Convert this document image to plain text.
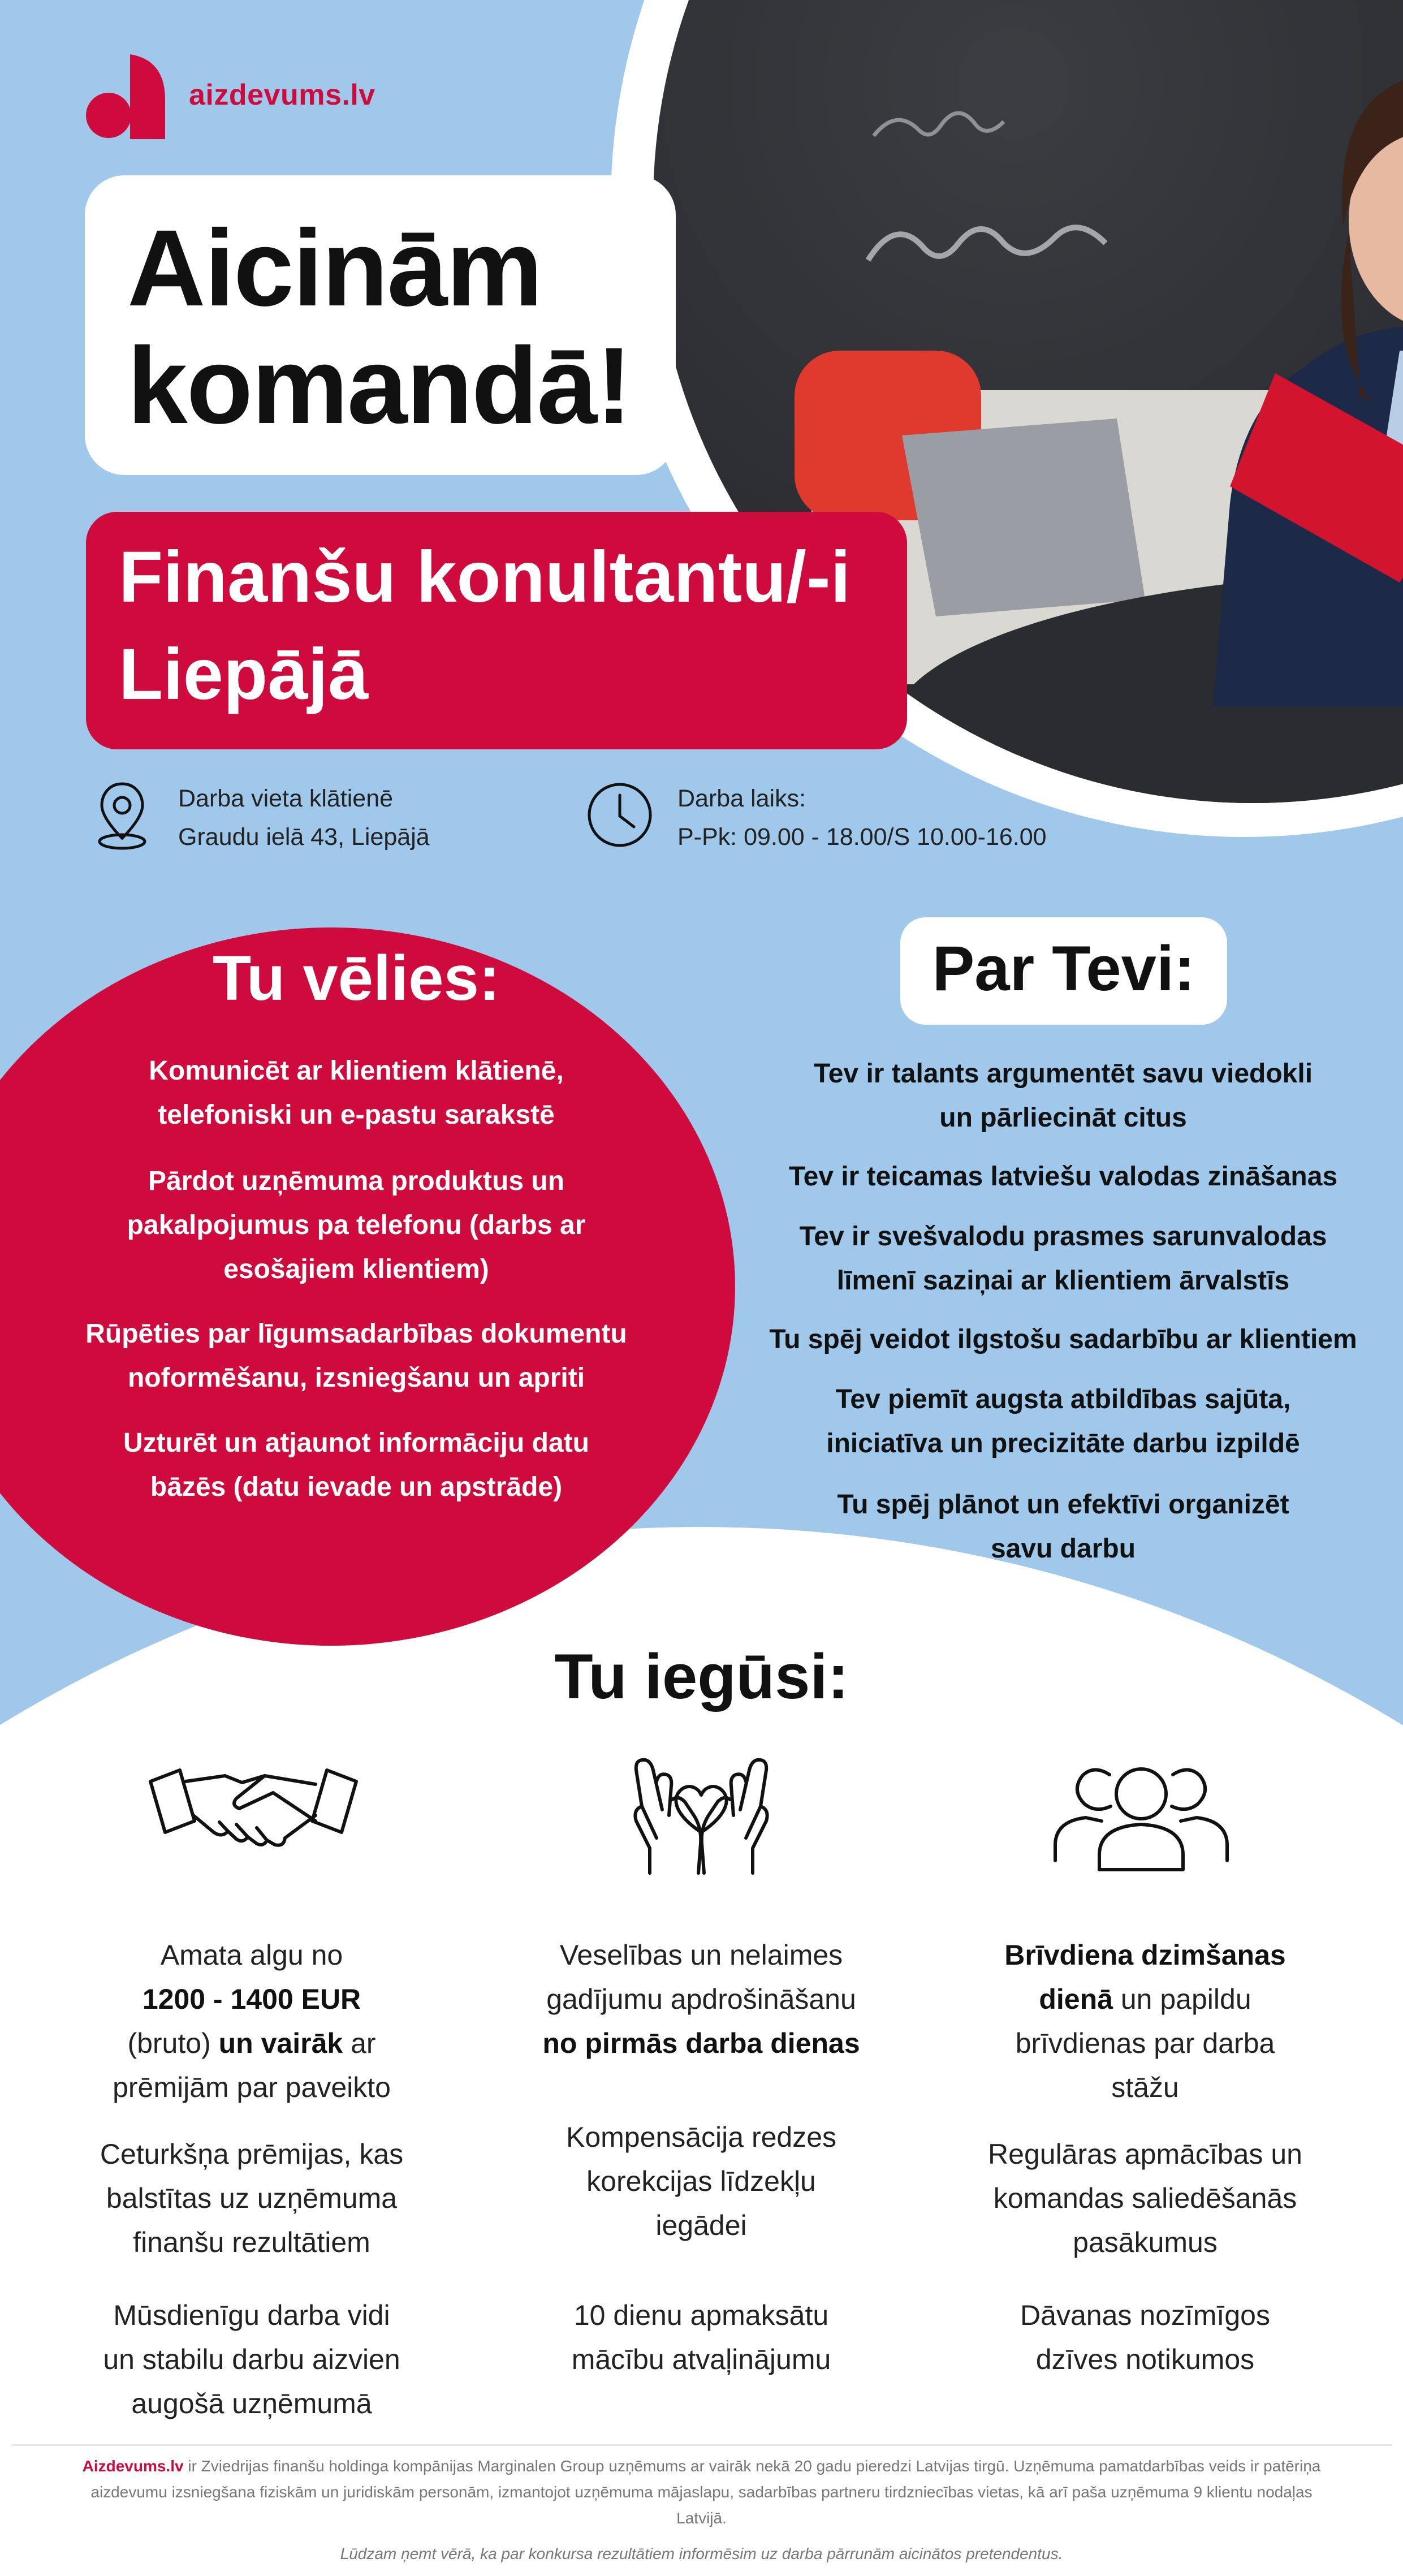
aizdevums.lv
Aicinām
komandā!
Finanšu konultantu/-i
Liepājā
Darba vieta klātienē
Graudu ielā 43, Liepājā
Darba laiks:
P-Pk: 09.00 - 18.00/S 10.00-16.00
Tu vēlies:
Komunicēt ar klientiem klātienē,
telefoniski un e-pastu sarakstē
Pārdot uzņēmuma produktus un
pakalpojumus pa telefonu (darbs ar
esošajiem klientiem)
Rūpēties par līgumsadarbības dokumentu
noformēšanu, izsniegšanu un apriti
Uzturēt un atjaunot informāciju datu
bāzēs (datu ievade un apstrāde)
Par Tevi:
Tev ir talants argumentēt savu viedokli
un pārliecināt citus
Tev ir teicamas latviešu valodas zināšanas
Tev ir svešvalodu prasmes sarunvalodas
līmenī saziņai ar klientiem ārvalstīs
Tu spēj veidot ilgstošu sadarbību ar klientiem
Tev piemīt augsta atbildības sajūta,
iniciatīva un precizitāte darbu izpildē
Tu spēj plānot un efektīvi organizēt
savu darbu
Tu iegūsi:
Amata algu no
1200 - 1400 EUR
(bruto) un vairāk ar
prēmijām par paveikto
Ceturkšņa prēmijas, kas
balstītas uz uzņēmuma
finanšu rezultātiem
Mūsdienīgu darba vidi
un stabilu darbu aizvien
augošā uzņēmumā
Veselības un nelaimes
gadījumu apdrošināšanu
no pirmās darba dienas
Kompensācija redzes
korekcijas līdzekļu
iegādei
10 dienu apmaksātu
mācību atvaļinājumu
Brīvdiena dzimšanas
dienā un papildu
brīvdienas par darba
stāžu
Regulāras apmācības un
komandas saliedēšanās
pasākumus
Dāvanas nozīmīgos
dzīves notikumos
Aizdevums.lv ir Zviedrijas finanšu holdinga kompānijas Marginalen Group uzņēmums ar vairāk nekā 20 gadu pieredzi Latvijas tirgū. Uzņēmuma pamatdarbības veids ir patēriņa
aizdevumu izsniegšana fiziskām un juridiskām personām, izmantojot uzņēmuma mājaslapu, sadarbības partneru tirdzniecības vietas, kā arī paša uzņēmuma 9 klientu nodaļas
Latvijā.
Lūdzam ņemt vērā, ka par konkursa rezultātiem informēsim uz darba pārrunām aicinātos pretendentus.
